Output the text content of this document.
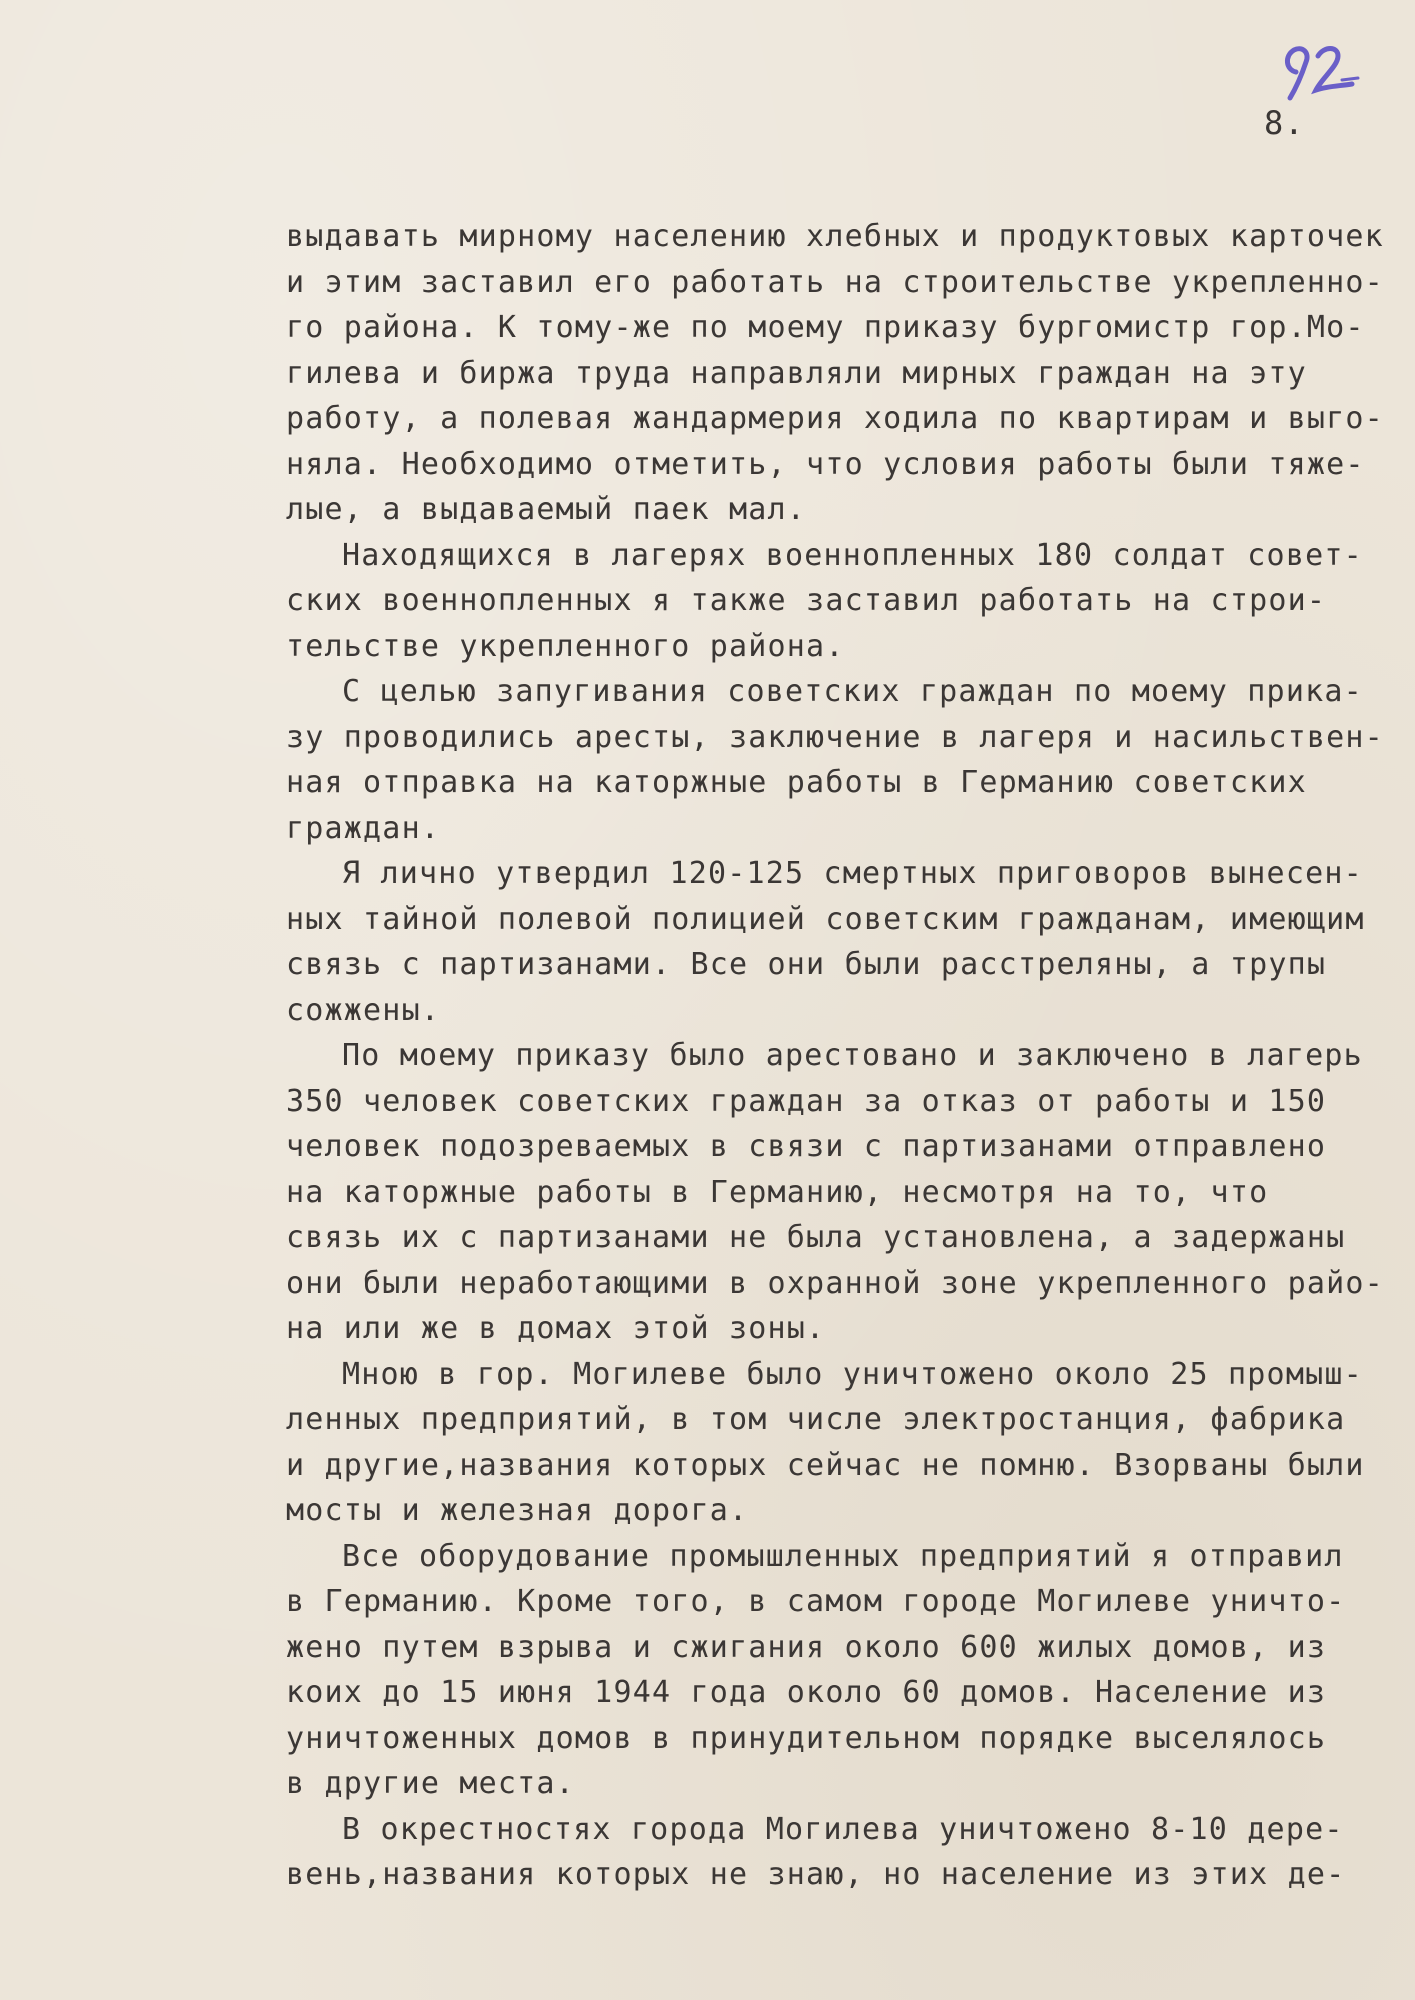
8.
выдавать мирному населению хлебных и продуктовых карточек
и этим заставил его работать на строительстве укрепленно-
го района. К тому-же по моему приказу бургомистр гор.Мо-
гилева и биржа труда направляли мирных граждан на эту
работу, а полевая жандармерия ходила по квартирам и выго-
няла. Необходимо отметить, что условия работы были тяже-
лые, а выдаваемый паек мал.
Находящихся в лагерях военнопленных 180 солдат совет-
ских военнопленных я также заставил работать на строи-
тельстве укрепленного района.
С целью запугивания советских граждан по моему прика-
зу проводились аресты, заключение в лагеря и насильствен-
ная отправка на каторжные работы в Германию советских
граждан.
Я лично утвердил 120-125 смертных приговоров вынесен-
ных тайной полевой полицией советским гражданам, имеющим
связь с партизанами. Все они были расстреляны, а трупы
сожжены.
По моему приказу было арестовано и заключено в лагерь
350 человек советских граждан за отказ от работы и 150
человек подозреваемых в связи с партизанами отправлено
на каторжные работы в Германию, несмотря на то, что
связь их с партизанами не была установлена, а задержаны
они были неработающими в охранной зоне укрепленного райо-
на или же в домах этой зоны.
Мною в гор. Могилеве было уничтожено около 25 промыш-
ленных предприятий, в том числе электростанция, фабрика
и другие,названия которых сейчас не помню. Взорваны были
мосты и железная дорога.
Все оборудование промышленных предприятий я отправил
в Германию. Кроме того, в самом городе Могилеве уничто-
жено путем взрыва и сжигания около 600 жилых домов, из
коих до 15 июня 1944 года около 60 домов. Население из
уничтоженных домов в принудительном порядке выселялось
в другие места.
В окрестностях города Могилева уничтожено 8-10 дере-
вень,названия которых не знаю, но население из этих де-
